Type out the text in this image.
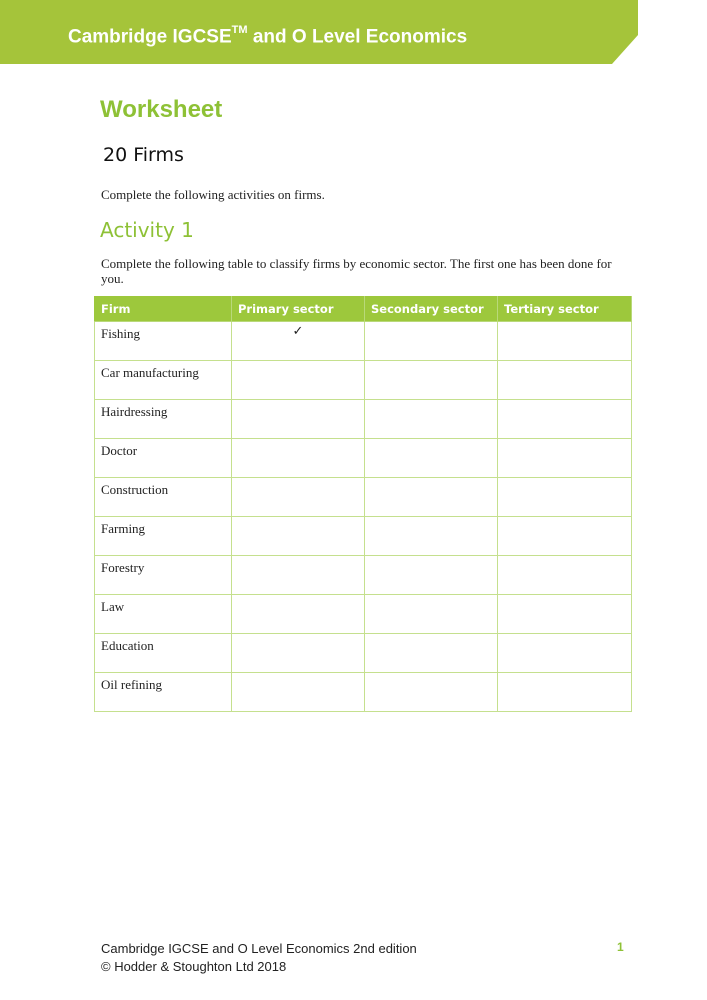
Cambridge IGCSE™ and O Level Economics
Worksheet
20 Firms
Complete the following activities on firms.
Activity 1
Complete the following table to classify firms by economic sector. The first one has been done for you.
Firm	Primary sector	Secondary sector	Tertiary sector
Fishing	✓		
Car manufacturing			
Hairdressing			
Doctor			
Construction			
Farming			
Forestry			
Law			
Education			
Oil refining			
Cambridge IGCSE and O Level Economics 2nd edition
© Hodder & Stoughton Ltd 2018
1
